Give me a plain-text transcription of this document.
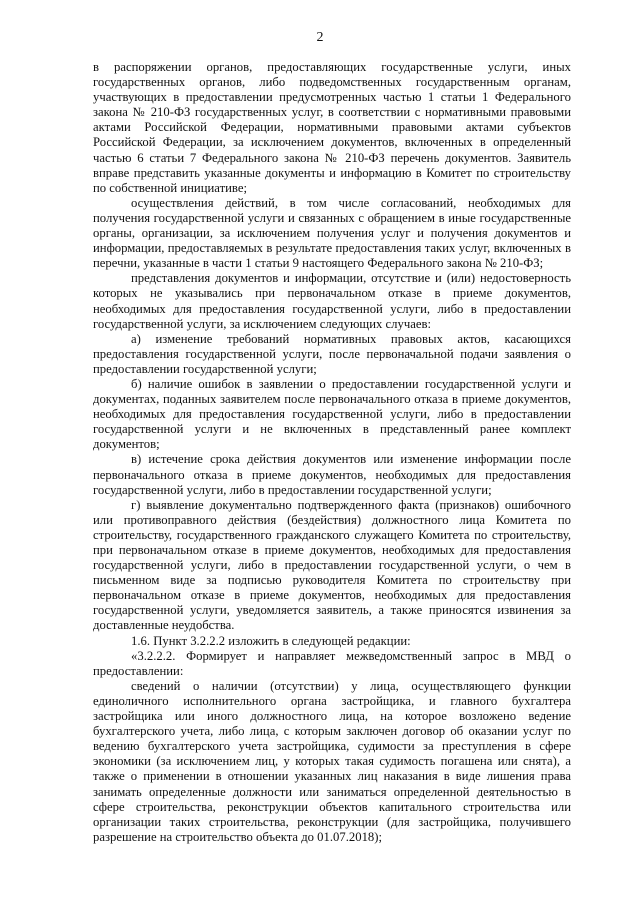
2

в распоряжении органов, предоставляющих государственные услуги, иных государственных органов, либо подведомственных государственным органам, участвующих в предоставлении предусмотренных частью 1 статьи 1 Федерального закона № 210-ФЗ государственных услуг, в соответствии с нормативными правовыми актами Российской Федерации, нормативными правовыми актами субъектов Российской Федерации, за исключением документов, включенных в определенный частью 6 статьи 7 Федерального закона № 210-ФЗ перечень документов. Заявитель вправе представить указанные документы и информацию в Комитет по строительству по собственной инициативе;

осуществления действий, в том числе согласований, необходимых для получения государственной услуги и связанных с обращением в иные государственные органы, организации, за исключением получения услуг и получения документов и информации, предоставляемых в результате предоставления таких услуг, включенных в перечни, указанные в части 1 статьи 9 настоящего Федерального закона № 210-ФЗ;

представления документов и информации, отсутствие и (или) недостоверность которых не указывались при первоначальном отказе в приеме документов, необходимых для предоставления государственной услуги, либо в предоставлении государственной услуги, за исключением следующих случаев:

а) изменение требований нормативных правовых актов, касающихся предоставления государственной услуги, после первоначальной подачи заявления о предоставлении государственной услуги;

б) наличие ошибок в заявлении о предоставлении государственной услуги и документах, поданных заявителем после первоначального отказа в приеме документов, необходимых для предоставления государственной услуги, либо в предоставлении государственной услуги и не включенных в представленный ранее комплект документов;

в) истечение срока действия документов или изменение информации после первоначального отказа в приеме документов, необходимых для предоставления государственной услуги, либо в предоставлении государственной услуги;

г) выявление документально подтвержденного факта (признаков) ошибочного или противоправного действия (бездействия) должностного лица Комитета по строительству, государственного гражданского служащего Комитета по строительству, при первоначальном отказе в приеме документов, необходимых для предоставления государственной услуги, либо в предоставлении государственной услуги, о чем в письменном виде за подписью руководителя Комитета по строительству при первоначальном отказе в приеме документов, необходимых для предоставления государственной услуги, уведомляется заявитель, а также приносятся извинения за доставленные неудобства.

1.6. Пункт 3.2.2.2 изложить в следующей редакции:

«3.2.2.2. Формирует и направляет межведомственный запрос в МВД о предоставлении:

сведений о наличии (отсутствии) у лица, осуществляющего функции единоличного исполнительного органа застройщика, и главного бухгалтера застройщика или иного должностного лица, на которое возложено ведение бухгалтерского учета, либо лица, с которым заключен договор об оказании услуг по ведению бухгалтерского учета застройщика, судимости за преступления в сфере экономики (за исключением лиц, у которых такая судимость погашена или снята), а также о применении в отношении указанных лиц наказания в виде лишения права занимать определенные должности или заниматься определенной деятельностью в сфере строительства, реконструкции объектов капитального строительства или организации таких строительства, реконструкции (для застройщика, получившего разрешение на строительство объекта до 01.07.2018);
